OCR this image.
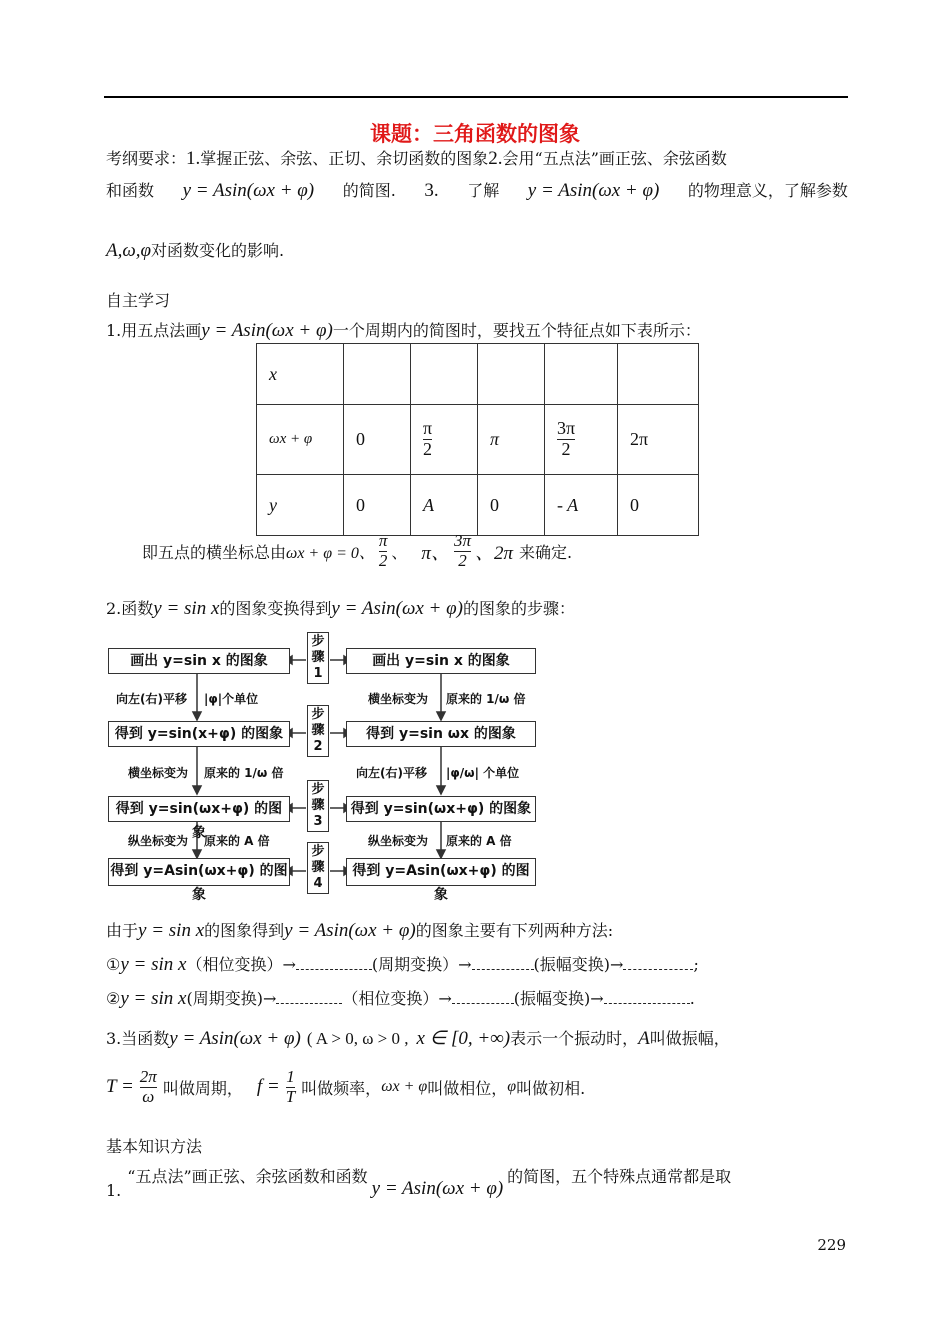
课题：三角函数的图象
考纲要求：1.掌握正弦、余弦、正切、余切函数的图象2.会用“五点法”画正弦、余弦函数
和函数 y = Asin(ωx + φ) 的简图. 3. 了解 y = Asin(ωx + φ) 的物理意义，了解参数
A,ω,φ对函数变化的影响.
自主学习
1.用五点法画y = Asin(ωx + φ)一个周期内的简图时，要找五个特征点如下表所示：
x					
ωx + φ	0	$\frac{\pi}{2}$	π	$\frac{3\pi}{2}$	2π
y	0	A	0	- A	0
即五点的横坐标总由 ωx + φ = 0、 $\frac{\pi}{2}$ 、 π、 $\frac{3\pi}{2}$ 、2π 来确定.
2.函数y = sin x的图象变换得到y = Asin(ωx + φ)的图象的步骤：
画出 y=sin x 的图象
得到 y=sin(x+φ) 的图象
得到 y=sin(ωx+φ) 的图象
得到 y=Asin(ωx+φ) 的图象
画出 y=sin x 的图象
得到 y=sin ωx 的图象
得到 y=sin(ωx+φ) 的图象
得到 y=Asin(ωx+φ) 的图象
步骤1
步骤2
步骤3
步骤4
向左(右)平移 |φ|个单位
横坐标变为 原来的 1/ω 倍
纵坐标变为 原来的 A 倍
横坐标变为 原来的 1/ω 倍
向左(右)平移 |φ/ω| 个单位
纵坐标变为 原来的 A 倍
由于y = sin x的图象得到y = Asin(ωx + φ)的图象主要有下列两种方法:
①y = sin x（相位变换）→	(周期变换）→	(振幅变换)→	;
②y = sin x(周期变换)→	（相位变换）→	(振幅变换)→	.
3.当函数y = Asin(ωx + φ) ( A > 0, ω > 0 , x ∈ [0, +∞)表示一个振动时，A叫做振幅，
$T = \frac{2\pi}{\omega}$ 叫做周期， $f = \frac{1}{T}$ 叫做频率， ωx + φ 叫做相位， φ 叫做初相.
基本知识方法
1.“五点法”画正弦、余弦函数和函数y = Asin(ωx + φ)的简图，五个特殊点通常都是取
229
